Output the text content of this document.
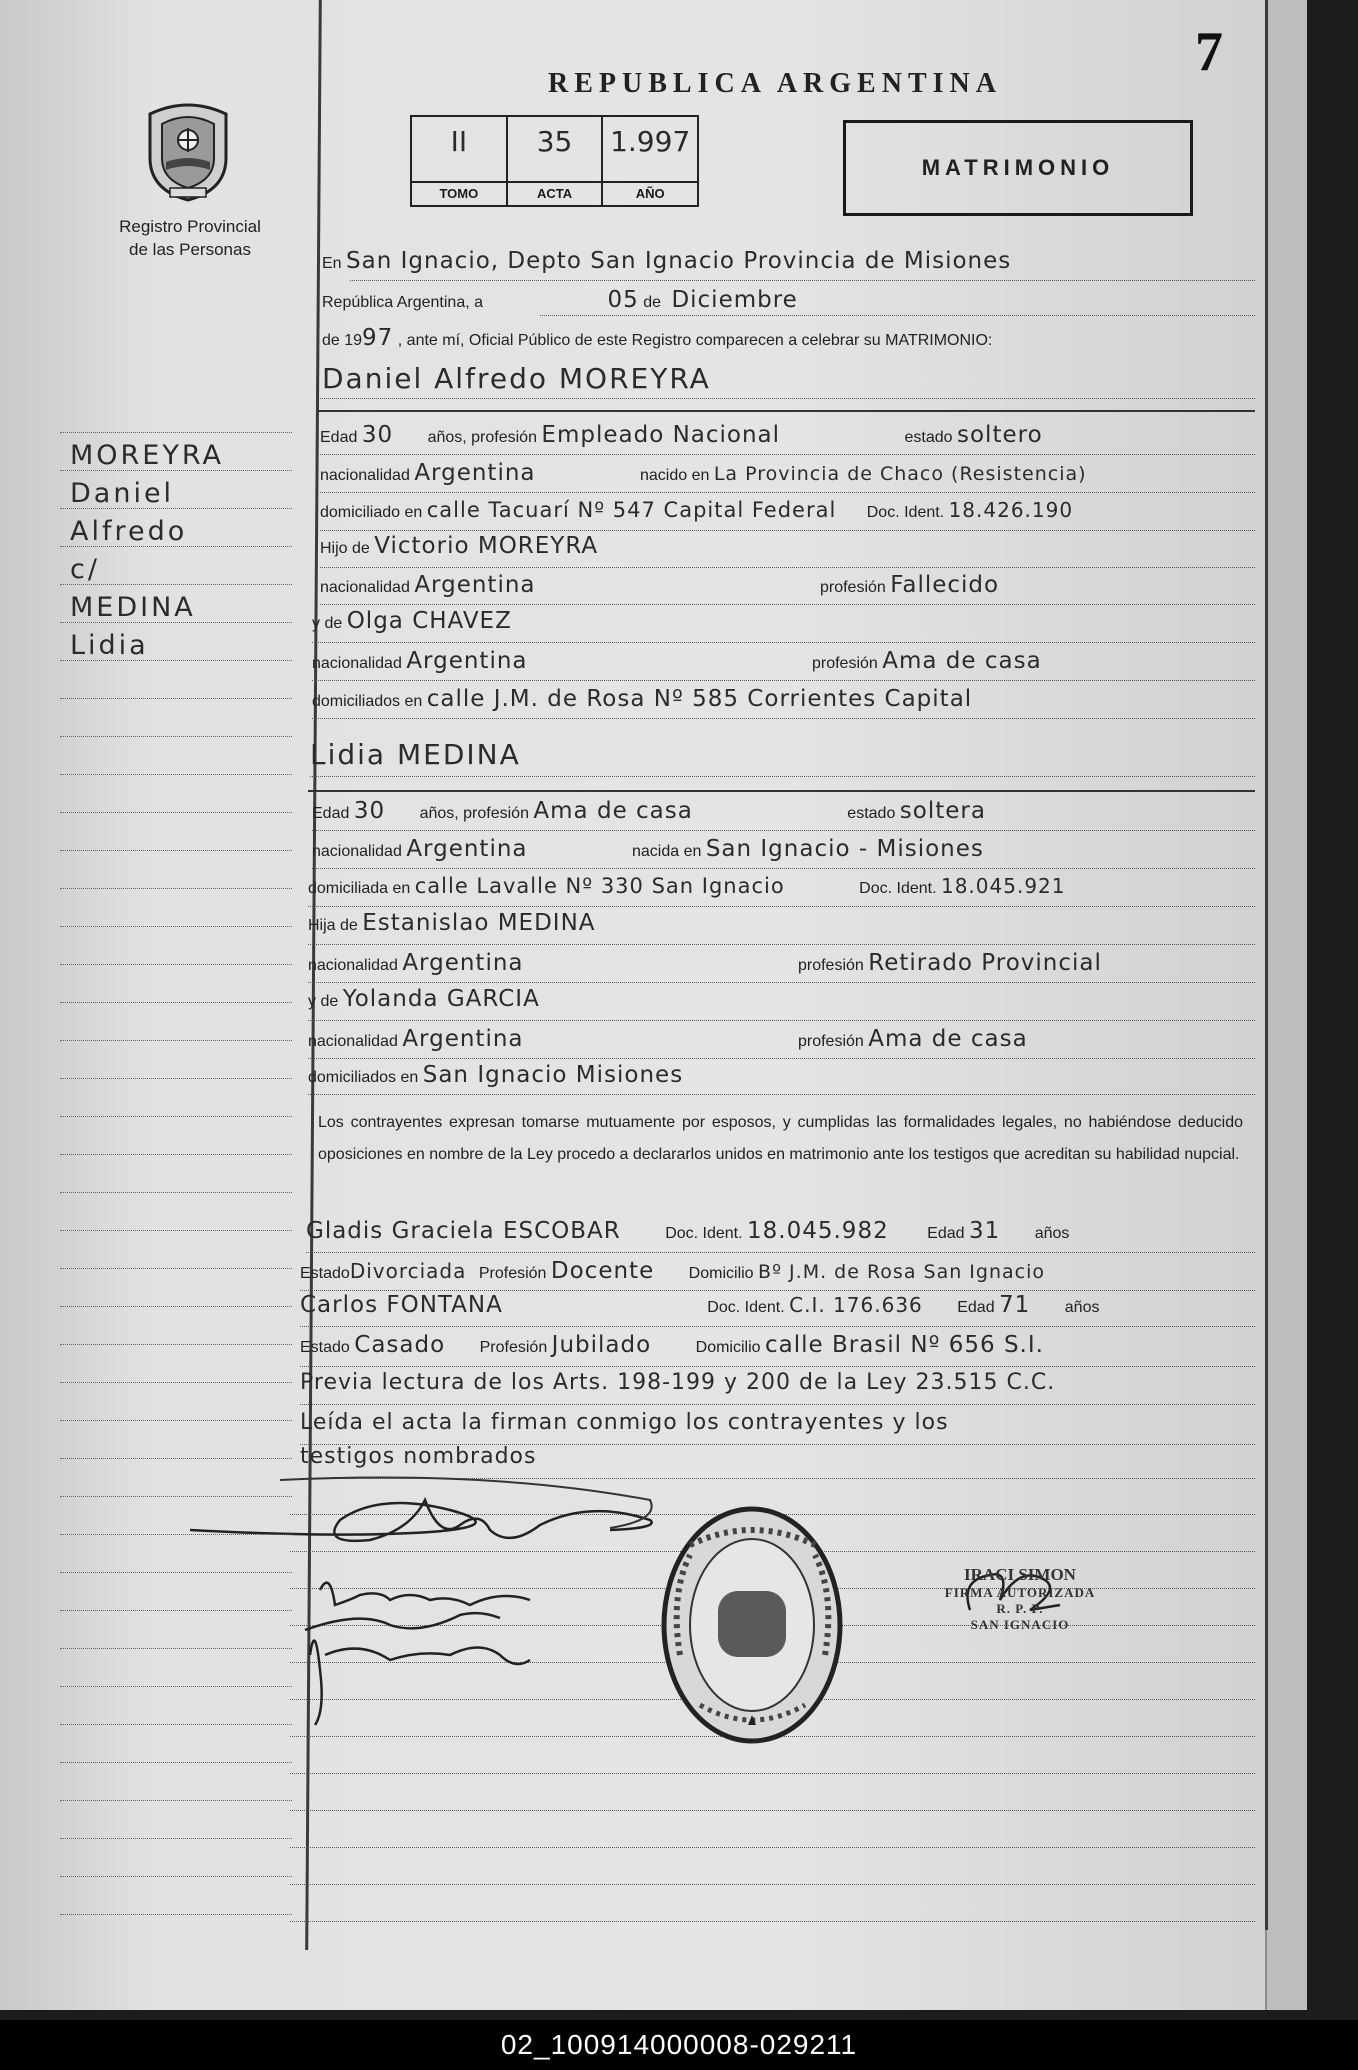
7
Registro Provincial
de las Personas
REPUBLICA ARGENTINA
II
TOMO
35
ACTA
1.997
AÑO
MATRIMONIO
En San Ignacio, Depto San Ignacio Provincia de Misiones
República Argentina, a	05 de Diciembre
de 1997 , ante mí, Oficial Público de este Registro comparecen a celebrar su MATRIMONIO:
Daniel Alfredo MOREYRA
Edad 30 años, profesión Empleado Nacional	estado soltero
nacionalidad Argentina	nacido en La Provincia de Chaco (Resistencia)
domiciliado en calle Tacuarí Nº 547 Capital Federal Doc. Ident. 18.426.190
Hijo de Victorio MOREYRA
nacionalidad Argentina	profesión Fallecido
y de Olga CHAVEZ
nacionalidad Argentina	profesión Ama de casa
domiciliados en calle J.M. de Rosa Nº 585 Corrientes Capital
Lidia MEDINA
Edad 30 años, profesión Ama de casa	estado soltera
nacionalidad Argentina	nacida en San Ignacio - Misiones
domiciliada en calle Lavalle Nº 330 San Ignacio	Doc. Ident. 18.045.921
Hija de Estanislao MEDINA
nacionalidad Argentina	profesión Retirado Provincial
y de Yolanda GARCIA
nacionalidad Argentina	profesión Ama de casa
domiciliados en San Ignacio Misiones
Los contrayentes expresan tomarse mutuamente por esposos, y cumplidas las formalidades legales, no habiéndose deducido oposiciones en nombre de la Ley procedo a declararlos unidos en matrimonio ante los testigos que acreditan su habilidad nupcial.
Gladis Graciela ESCOBAR	Doc. Ident. 18.045.982 Edad 31 años
EstadoDivorciada Profesión Docente Domicilio Bº J.M. de Rosa San Ignacio
Carlos FONTANA	Doc. Ident. C.I. 176.636 Edad 71 años
Estado Casado Profesión Jubilado	Domicilio calle Brasil Nº 656 S.I.
Previa lectura de los Arts. 198-199 y 200 de la Ley 23.515 C.C.
Leída el acta la firman conmigo los contrayentes y los
testigos nombrados
IRACI SIMON
FIRMA AUTORIZADA
R. P. P.
SAN IGNACIO
MOREYRA
Daniel
Alfredo
c/
MEDINA
Lidia
02_100914000008-029211
